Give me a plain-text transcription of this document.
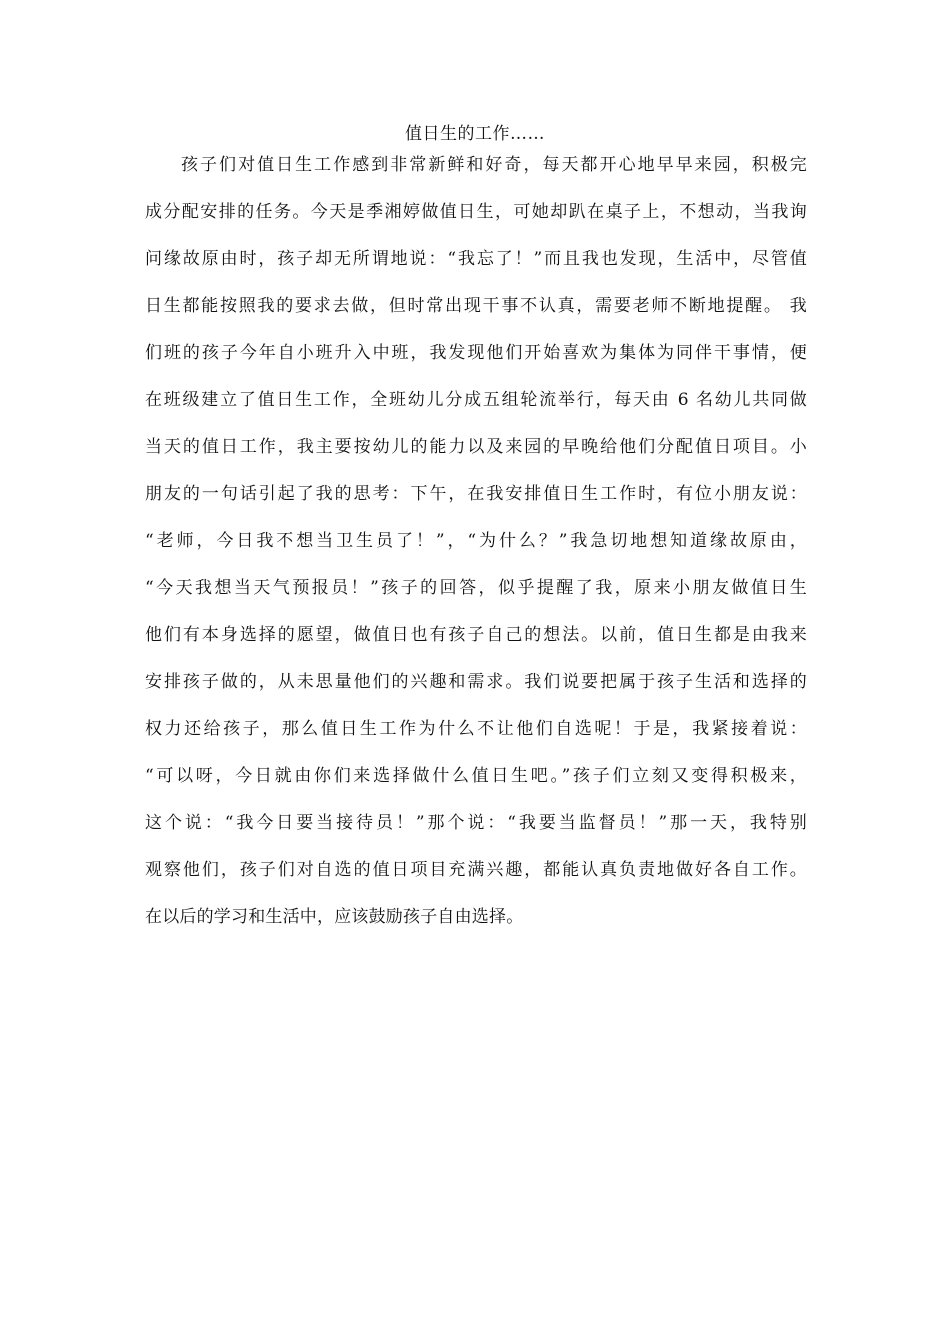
值日生的工作……
孩子们对值日生工作感到非常新鲜和好奇，每天都开心地早早来园，积极完
成分配安排的任务。今天是季湘婷做值日生，可她却趴在桌子上，不想动，当我询
问缘故原由时，孩子却无所谓地说：“我忘了！”而且我也发现，生活中，尽管值
日生都能按照我的要求去做，但时常出现干事不认真，需要老师不断地提醒。 我
们班的孩子今年自小班升入中班，我发现他们开始喜欢为集体为同伴干事情，便
在班级建立了值日生工作，全班幼儿分成五组轮流举行，每天由 6 名幼儿共同做
当天的值日工作，我主要按幼儿的能力以及来园的早晚给他们分配值日项目。小
朋友的一句话引起了我的思考：下午，在我安排值日生工作时，有位小朋友说：
“老师，今日我不想当卫生员了！”，“为什么？”我急切地想知道缘故原由，
“今天我想当天气预报员！”孩子的回答，似乎提醒了我，原来小朋友做值日生
他们有本身选择的愿望，做值日也有孩子自己的想法。以前，值日生都是由我来
安排孩子做的，从未思量他们的兴趣和需求。我们说要把属于孩子生活和选择的
权力还给孩子，那么值日生工作为什么不让他们自选呢！于是，我紧接着说：
“可以呀，今日就由你们来选择做什么值日生吧。”孩子们立刻又变得积极来，
这个说：“我今日要当接待员！”那个说：“我要当监督员！”那一天，我特别
观察他们，孩子们对自选的值日项目充满兴趣，都能认真负责地做好各自工作。
在以后的学习和生活中，应该鼓励孩子自由选择。
